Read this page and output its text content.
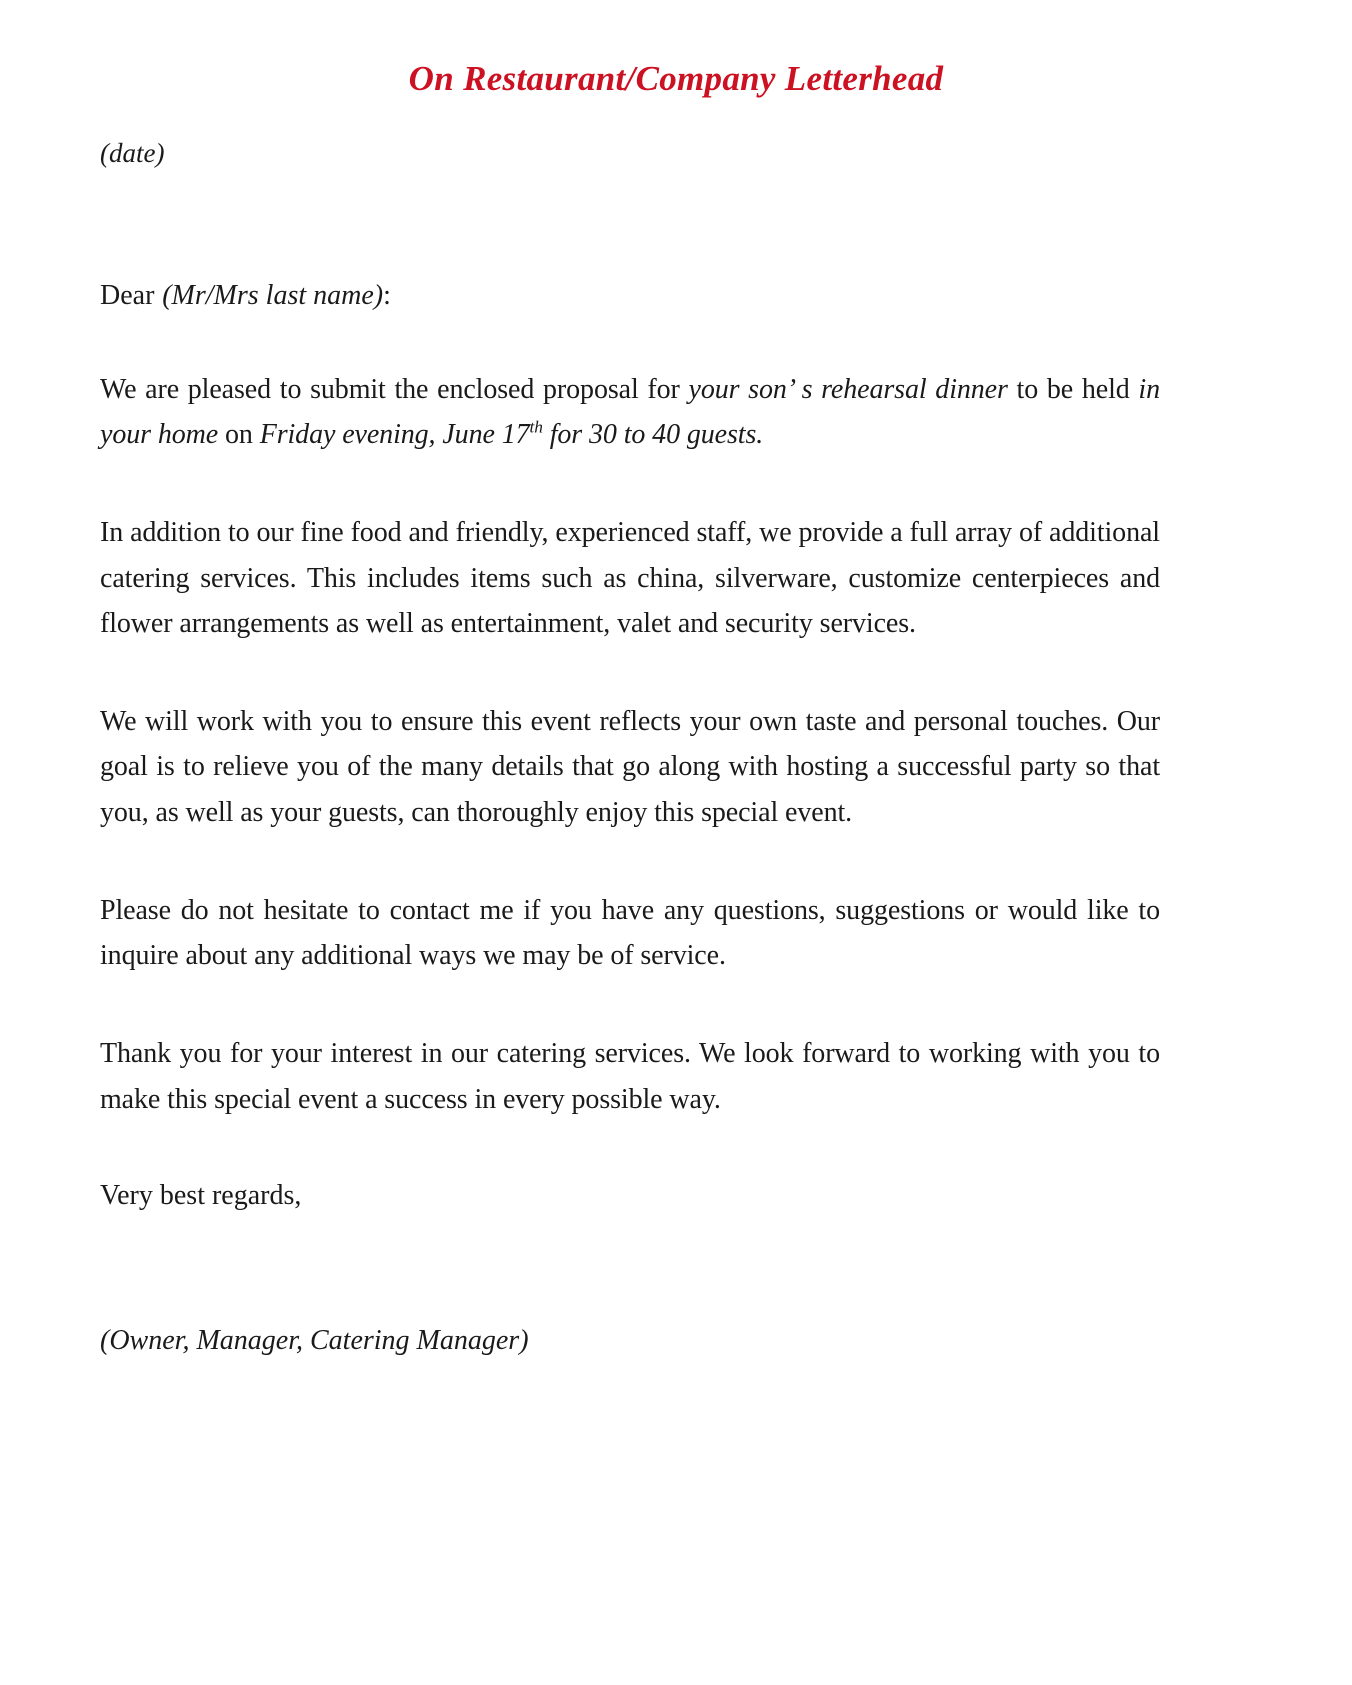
On Restaurant/Company Letterhead

(date)

Dear (Mr/Mrs last name):

We are pleased to submit the enclosed proposal for your son’ s rehearsal dinner to be held in your home on Friday evening, June 17th for 30 to 40 guests.

In addition to our fine food and friendly, experienced staff, we provide a full array of additional catering services. This includes items such as china, silverware, customize centerpieces and flower arrangements as well as entertainment, valet and security services.

We will work with you to ensure this event reflects your own taste and personal touches. Our goal is to relieve you of the many details that go along with hosting a successful party so that you, as well as your guests, can thoroughly enjoy this special event.

Please do not hesitate to contact me if you have any questions, suggestions or would like to inquire about any additional ways we may be of service.

Thank you for your interest in our catering services. We look forward to working with you to make this special event a success in every possible way.

Very best regards,

(Owner, Manager, Catering Manager)
